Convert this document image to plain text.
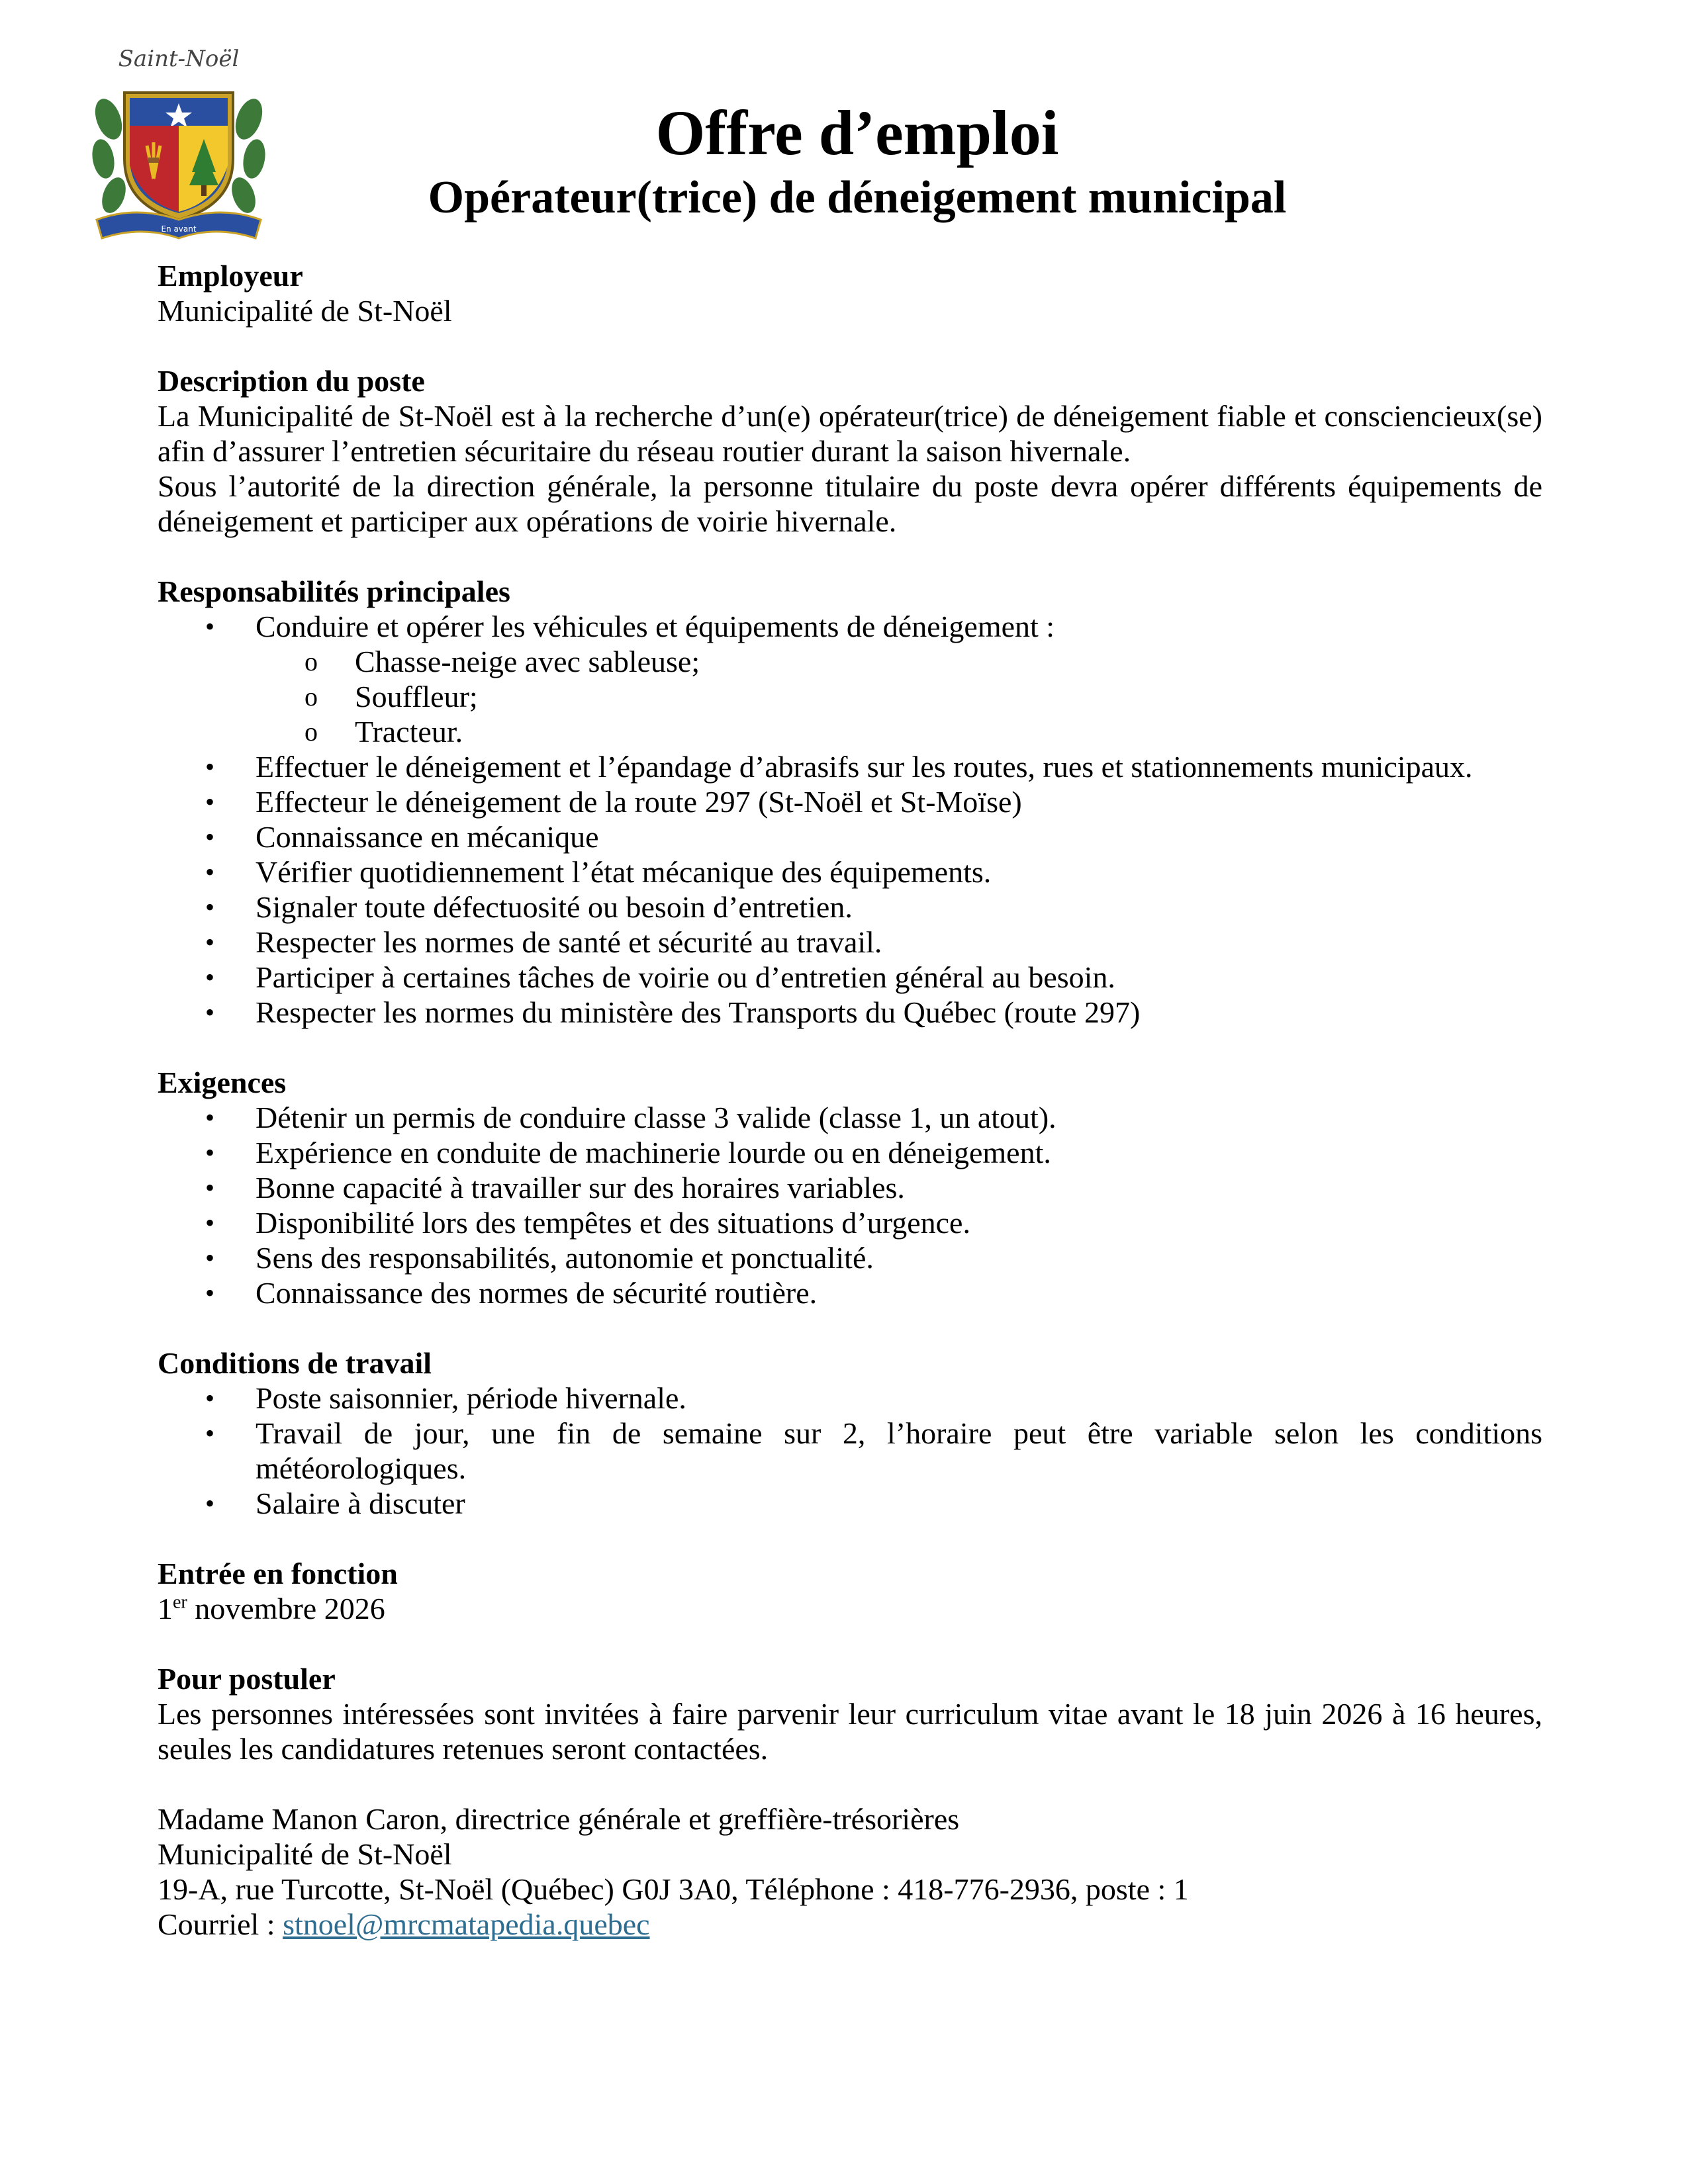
Saint-Noël
En avant
Offre d’emploi
Opérateur(trice) de déneigement municipal
Employeur

Municipalité de St-Noël

Description du poste

La Municipalité de St-Noël est à la recherche d’un(e) opérateur(trice) de déneigement fiable et consciencieux(se) afin d’assurer l’entretien sécuritaire du réseau routier durant la saison hivernale.

Sous l’autorité de la direction générale, la personne titulaire du poste devra opérer différents équipements de déneigement et participer aux opérations de voirie hivernale.

Responsabilités principales
• Conduire et opérer les véhicules et équipements de déneigement :
o Chasse-neige avec sableuse;
o Souffleur;
o Tracteur.
• Effectuer le déneigement et l’épandage d’abrasifs sur les routes, rues et stationnements municipaux.
• Effecteur le déneigement de la route 297 (St-Noël et St-Moïse)
• Connaissance en mécanique
• Vérifier quotidiennement l’état mécanique des équipements.
• Signaler toute défectuosité ou besoin d’entretien.
• Respecter les normes de santé et sécurité au travail.
• Participer à certaines tâches de voirie ou d’entretien général au besoin.
• Respecter les normes du ministère des Transports du Québec (route 297)
Exigences
• Détenir un permis de conduire classe 3 valide (classe 1, un atout).
• Expérience en conduite de machinerie lourde ou en déneigement.
• Bonne capacité à travailler sur des horaires variables.
• Disponibilité lors des tempêtes et des situations d’urgence.
• Sens des responsabilités, autonomie et ponctualité.
• Connaissance des normes de sécurité routière.
Conditions de travail
• Poste saisonnier, période hivernale.
• Travail de jour, une fin de semaine sur 2, l’horaire peut être variable selon les conditions météorologiques.
• Salaire à discuter
Entrée en fonction

1er novembre 2026

Pour postuler

Les personnes intéressées sont invitées à faire parvenir leur curriculum vitae avant le 18 juin 2026 à 16 heures, seules les candidatures retenues seront contactées.

Madame Manon Caron, directrice générale et greffière-trésorières

Municipalité de St-Noël

19-A, rue Turcotte, St-Noël (Québec) G0J 3A0, Téléphone : 418-776-2936, poste : 1

Courriel : stnoel@mrcmatapedia.quebec
